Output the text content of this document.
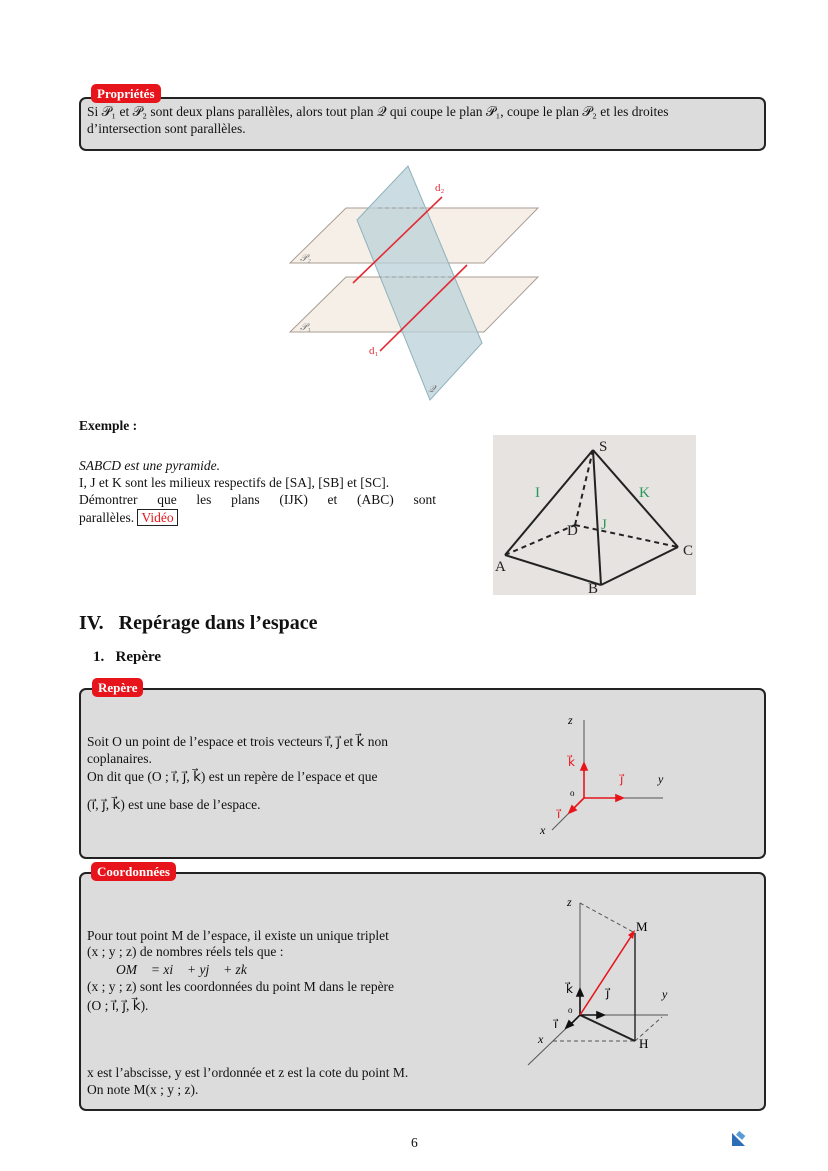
Propriétés
Si 𝒫₁ et 𝒫₂ sont deux plans parallèles, alors tout plan 𝒬 qui coupe le plan 𝒫₁, coupe le plan 𝒫₂ et les droites
d’intersection sont parallèles.
d₂
d₁
𝒫₂
𝒫₁
𝒬
Exemple :
SABCD est une pyramide.
I, J et K sont les milieux respectifs de [SA], [SB] et [SC].
Démontrer que les plans (IJK) et (ABC) sont
parallèles. Vidéo
S
A
B
C
D
I
J
K
IV.   Repérage dans l’espace
1.   Repère
Repère
Soit O un point de l’espace et trois vecteurs i⃗, j⃗ et k⃗ non
coplanaires.
On dit que (O ; i⃗, j⃗, k⃗) est un repère de l’espace et que
(i⃗, j⃗, k⃗) est une base de l’espace.
z
y
x
o
k⃗
j⃗
i⃗
Coordonnées
Pour tout point M de l’espace, il existe un unique triplet
(x ; y ; z) de nombres réels tels que :
OM⃗ = xi⃗ + yj⃗ + zk⃗
(x ; y ; z) sont les coordonnées du point M dans le repère
(O ; i⃗, j⃗, k⃗).
x est l’abscisse, y est l’ordonnée et z est la cote du point M.
On note M(x ; y ; z).
z
y
x
o
k⃗	j⃗
i⃗
M
H
6
